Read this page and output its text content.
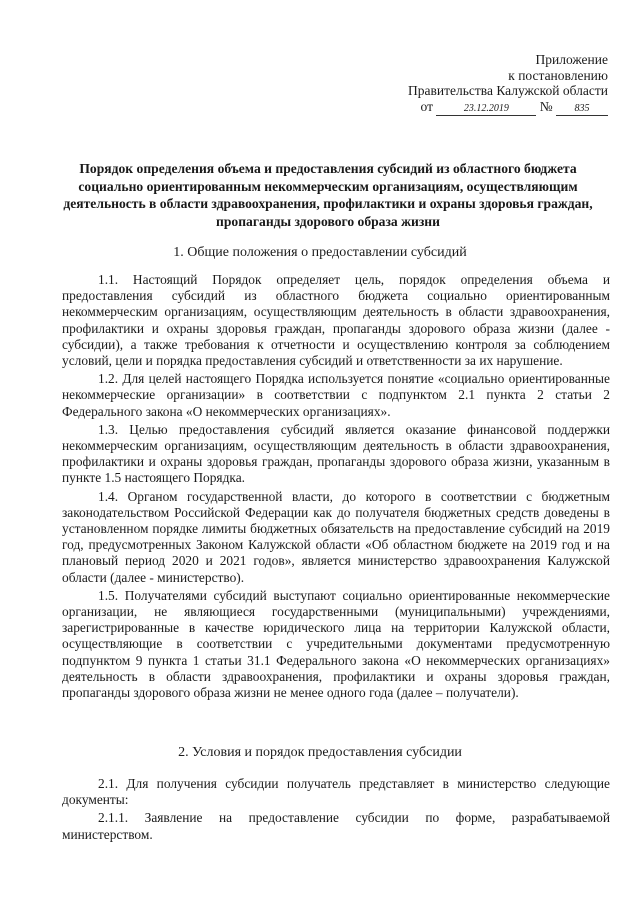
Приложение
к постановлению
Правительства Калужской области
от	23.12.2019 № 835
Порядок определения объема и предоставления субсидий из областного бюджета социально ориентированным некоммерческим организациям, осуществляющим деятельность в области здравоохранения, профилактики и охраны здоровья граждан, пропаганды здорового образа жизни
1. Общие положения о предоставлении субсидий

1.1. Настоящий Порядок определяет цель, порядок определения объема и предоставления субсидий из областного бюджета социально ориентированным некоммерческим организациям, осуществляющим деятельность в области здравоохранения, профилактики и охраны здоровья граждан, пропаганды здорового образа жизни (далее - субсидии), а также требования к отчетности и осуществлению контроля за соблюдением условий, цели и порядка предоставления субсидий и ответственности за их нарушение.

1.2. Для целей настоящего Порядка используется понятие «социально ориентированные некоммерческие организации» в соответствии с подпунктом 2.1 пункта 2 статьи 2 Федерального закона «О некоммерческих организациях».

1.3. Целью предоставления субсидий является оказание финансовой поддержки некоммерческим организациям, осуществляющим деятельность в области здравоохранения, профилактики и охраны здоровья граждан, пропаганды здорового образа жизни, указанным в пункте 1.5 настоящего Порядка.

1.4. Органом государственной власти, до которого в соответствии с бюджетным законодательством Российской Федерации как до получателя бюджетных средств доведены в установленном порядке лимиты бюджетных обязательств на предоставление субсидий на 2019 год, предусмотренных Законом Калужской области «Об областном бюджете на 2019 год и на плановый период 2020 и 2021 годов», является министерство здравоохранения Калужской области (далее - министерство).

1.5. Получателями субсидий выступают социально ориентированные некоммерческие организации, не являющиеся государственными (муниципальными) учреждениями, зарегистрированные в качестве юридического лица на территории Калужской области, осуществляющие в соответствии с учредительными документами предусмотренную подпунктом 9 пункта 1 статьи 31.1 Федерального закона «О некоммерческих организациях» деятельность в области здравоохранения, профилактики и охраны здоровья граждан, пропаганды здорового образа жизни не менее одного года (далее – получатели).

2. Условия и порядок предоставления субсидии

2.1. Для получения субсидии получатель представляет в министерство следующие документы:

2.1.1. Заявление на предоставление субсидии по форме, разрабатываемой министерством.
